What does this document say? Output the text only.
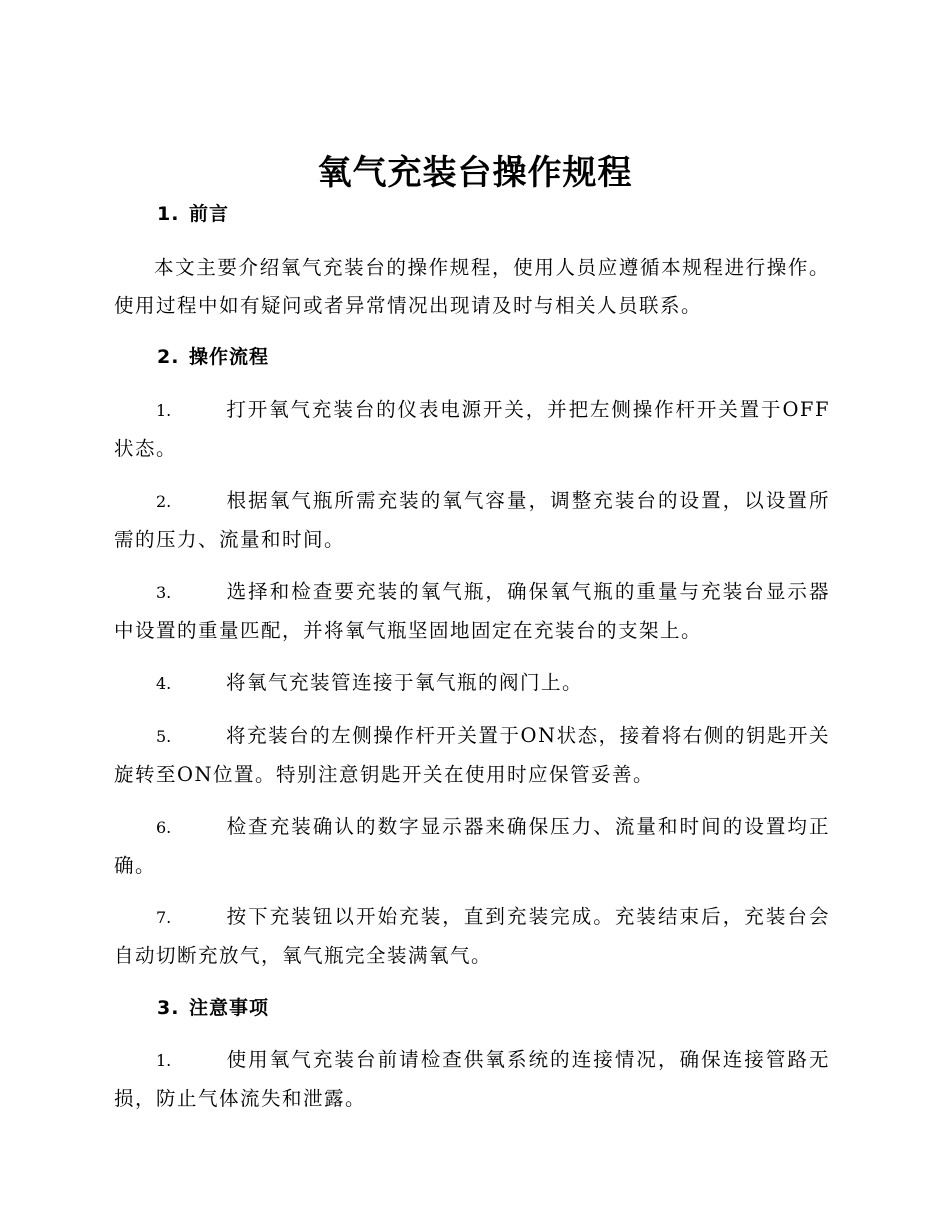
氧气充装台操作规程
1. 前言
本文主要介绍氧气充装台的操作规程，使用人员应遵循本规程进行操作。使用过程中如有疑问或者异常情况出现请及时与相关人员联系。
2. 操作流程
1.	打开氧气充装台的仪表电源开关，并把左侧操作杆开关置于OFF状态。
2.	根据氧气瓶所需充装的氧气容量，调整充装台的设置，以设置所需的压力、流量和时间。
3.	选择和检查要充装的氧气瓶，确保氧气瓶的重量与充装台显示器中设置的重量匹配，并将氧气瓶坚固地固定在充装台的支架上。
4.	将氧气充装管连接于氧气瓶的阀门上。
5.	将充装台的左侧操作杆开关置于ON状态，接着将右侧的钥匙开关旋转至ON位置。特别注意钥匙开关在使用时应保管妥善。
6.	检查充装确认的数字显示器来确保压力、流量和时间的设置均正确。
7.	按下充装钮以开始充装，直到充装完成。充装结束后，充装台会自动切断充放气，氧气瓶完全装满氧气。
3. 注意事项
1.	使用氧气充装台前请检查供氧系统的连接情况，确保连接管路无损，防止气体流失和泄露。
